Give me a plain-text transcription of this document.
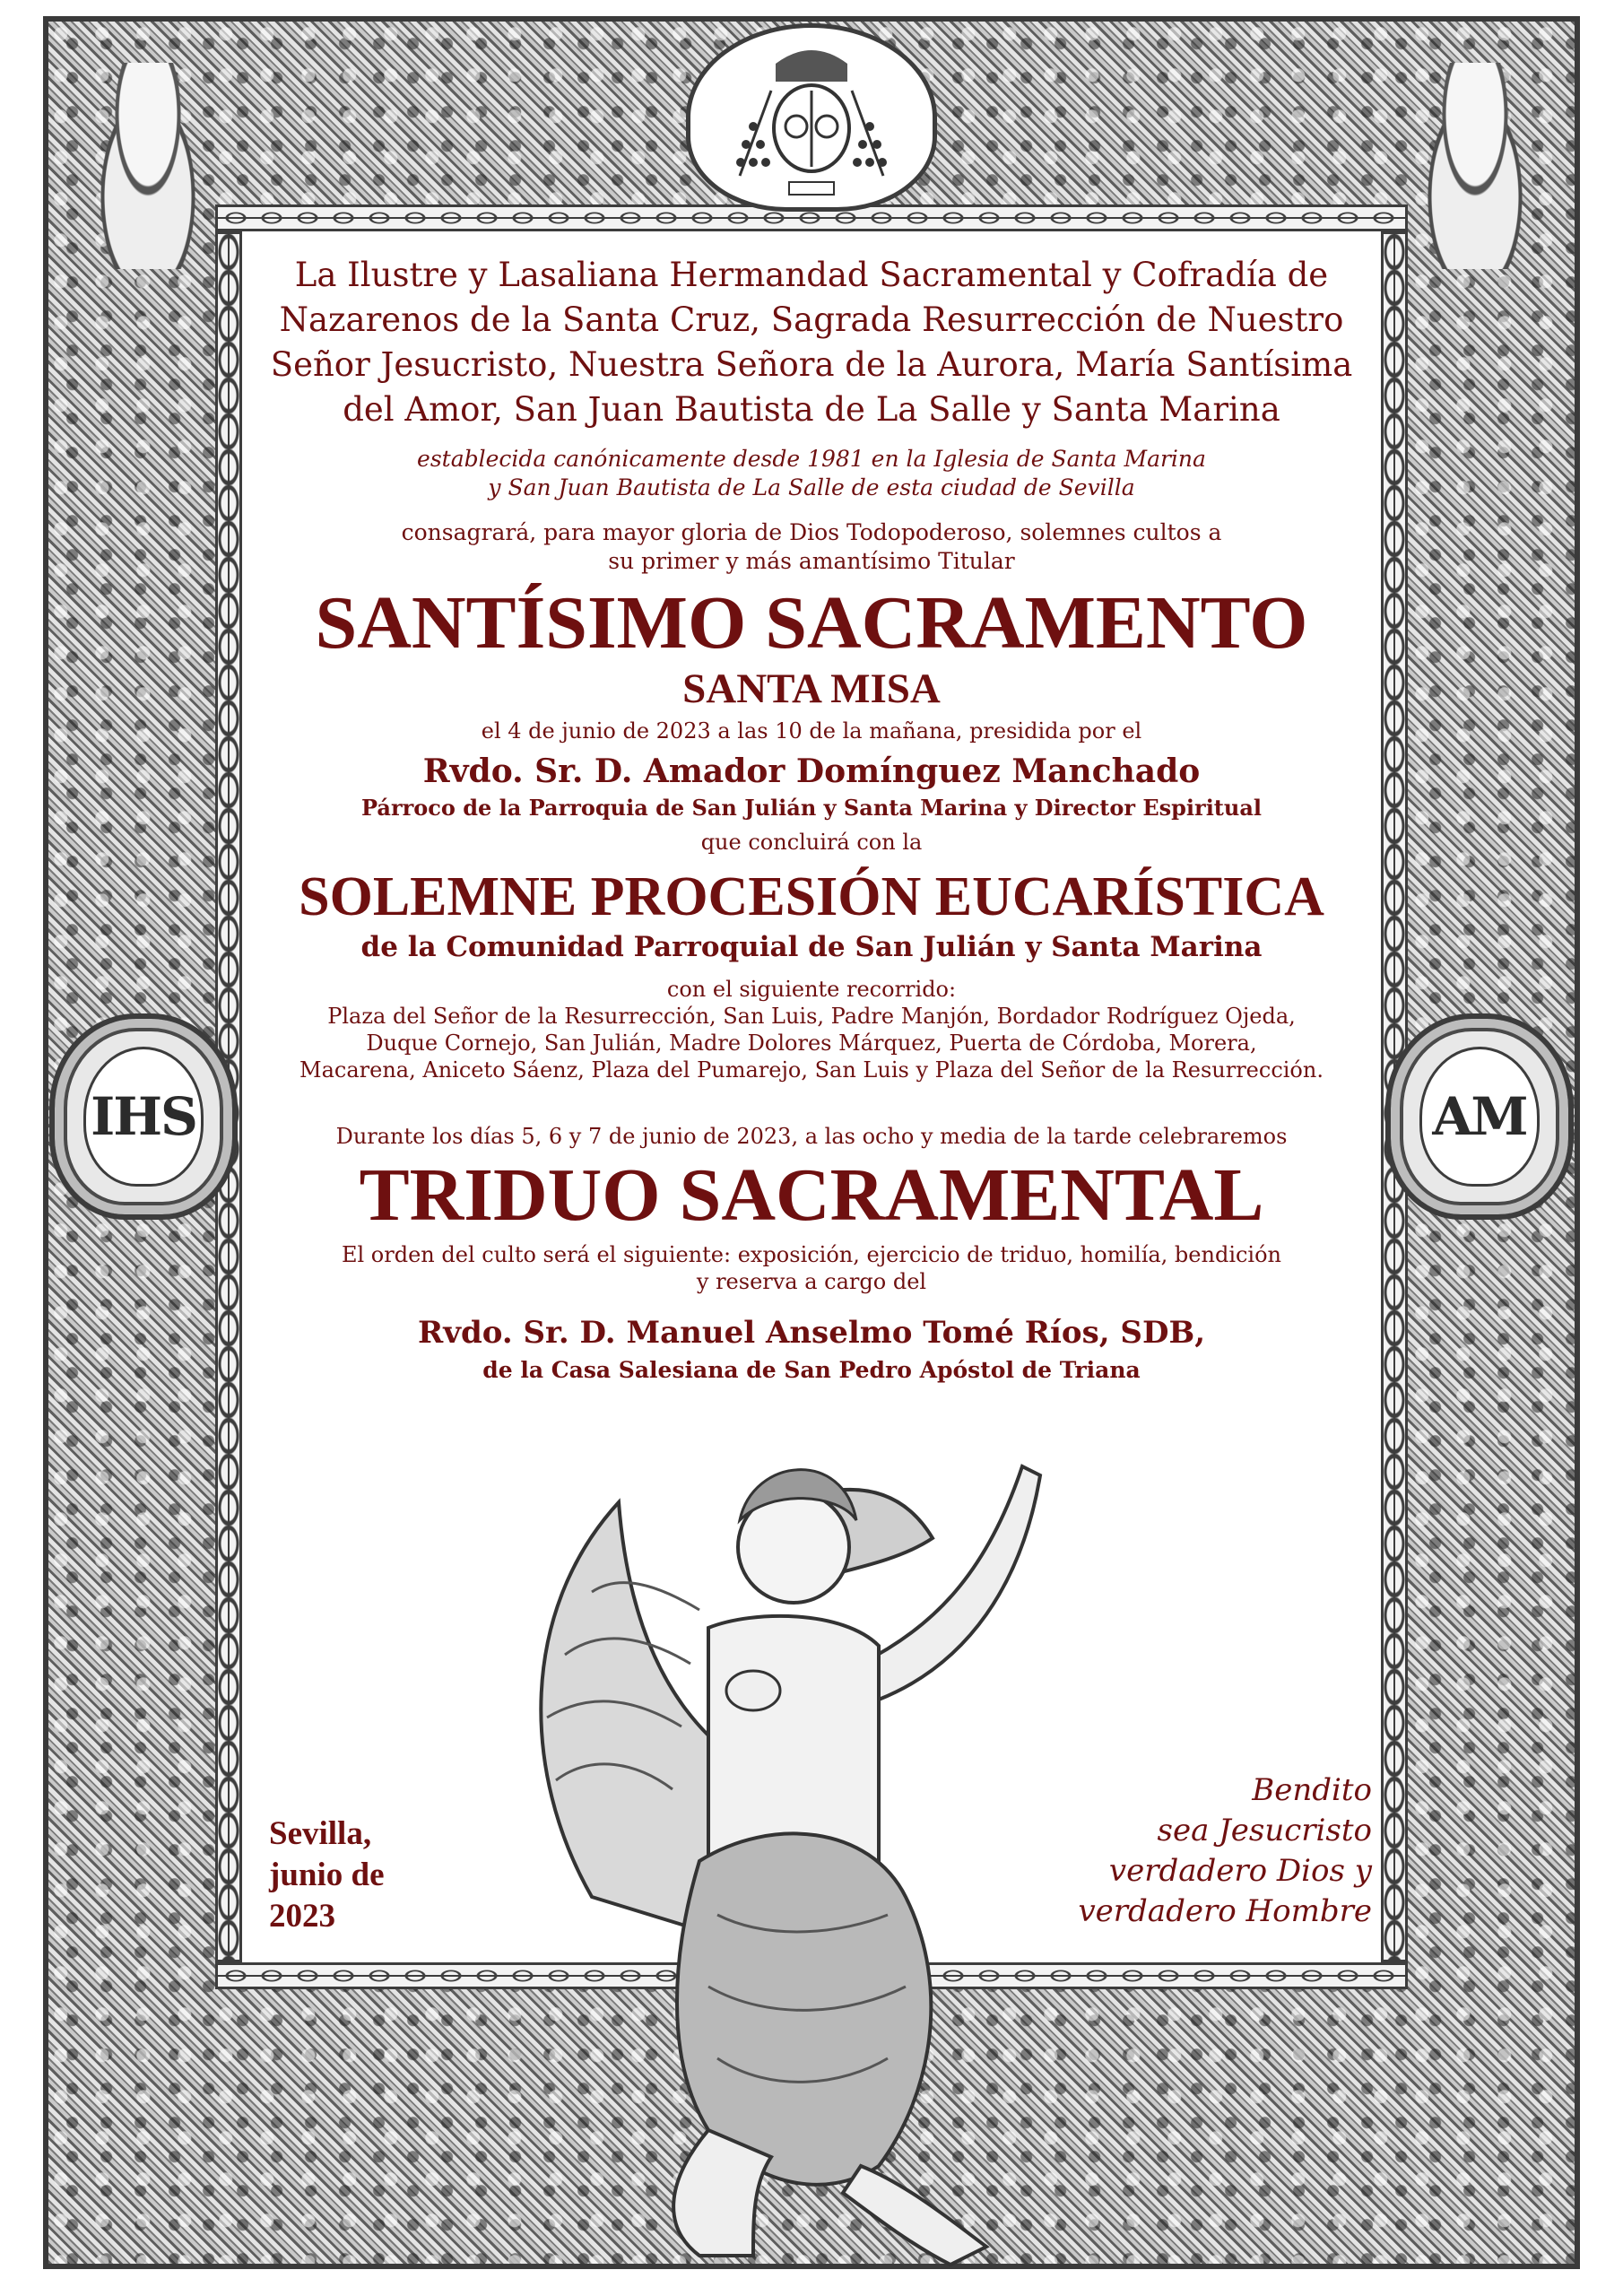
IHS	AM

La Ilustre y Lasaliana Hermandad Sacramental y Cofradía de
Nazarenos de la Santa Cruz, Sagrada Resurrección de Nuestro
Señor Jesucristo, Nuestra Señora de la Aurora, María Santísima
del Amor, San Juan Bautista de La Salle y Santa Marina

establecida canónicamente desde 1981 en la Iglesia de Santa Marina
y San Juan Bautista de La Salle de esta ciudad de Sevilla

consagrará, para mayor gloria de Dios Todopoderoso, solemnes cultos a
su primer y más amantísimo Titular

SANTÍSIMO SACRAMENTO
SANTA MISA

el 4 de junio de 2023 a las 10 de la mañana, presidida por el

Rvdo. Sr. D. Amador Domínguez Manchado

Párroco de la Parroquia de San Julián y Santa Marina y Director Espiritual

que concluirá con la

SOLEMNE PROCESIÓN EUCARÍSTICA

de la Comunidad Parroquial de San Julián y Santa Marina

con el siguiente recorrido:

Plaza del Señor de la Resurrección, San Luis, Padre Manjón, Bordador Rodríguez Ojeda,
Duque Cornejo, San Julián, Madre Dolores Márquez, Puerta de Córdoba, Morera,
Macarena, Aniceto Sáenz, Plaza del Pumarejo, San Luis y Plaza del Señor de la Resurrección.

Durante los días 5, 6 y 7 de junio de 2023, a las ocho y media de la tarde celebraremos

TRIDUO SACRAMENTAL

El orden del culto será el siguiente: exposición, ejercicio de triduo, homilía, bendición
y reserva a cargo del

Rvdo. Sr. D. Manuel Anselmo Tomé Ríos, SDB,

de la Casa Salesiana de San Pedro Apóstol de Triana

Sevilla,
junio de
2023

Bendito
sea Jesucristo
verdadero Dios y
verdadero Hombre
